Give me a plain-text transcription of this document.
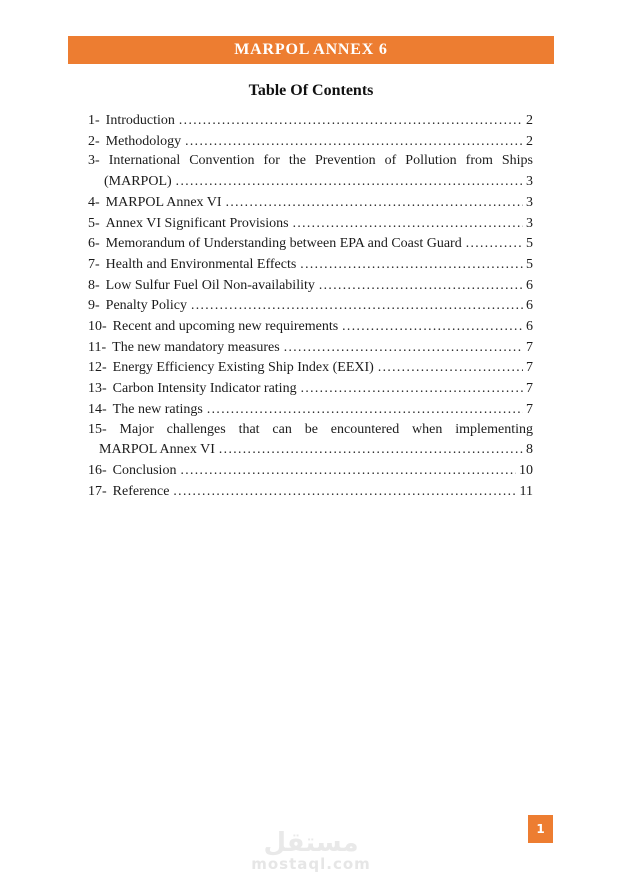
MARPOL ANNEX 6
Table Of Contents
1- Introduction .....	2
2- Methodology .....	2
3- International Convention for the Prevention of Pollution from Ships
(MARPOL) .....	3
4- MARPOL Annex VI .....	3
5- Annex VI Significant Provisions .....	3
6- Memorandum of Understanding between EPA and Coast Guard .....	5
7- Health and Environmental Effects .....	5
8- Low Sulfur Fuel Oil Non-availability .....	6
9- Penalty Policy .....	6
10- Recent and upcoming new requirements .....	6
11- The new mandatory measures .....	7
12- Energy Efficiency Existing Ship Index (EEXI) .....	7
13- Carbon Intensity Indicator rating .....	7
14- The new ratings .....	7
15- Major challenges that can be encountered when implementing
MARPOL Annex VI .....	8
16- Conclusion .....	10
17- Reference .....	11
1
مستقل
mostaql.com
